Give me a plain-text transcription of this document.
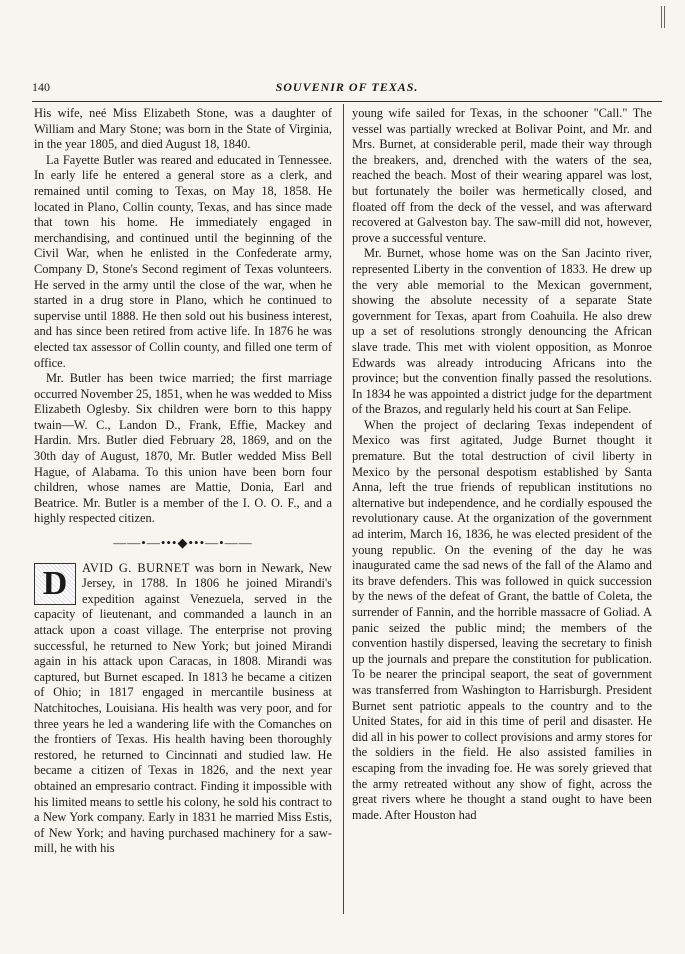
140	SOUVENIR OF TEXAS.

His wife, neé Miss Elizabeth Stone, was a daughter of William and Mary Stone; was born in the State of Virginia, in the year 1805, and died August 18, 1840.

La Fayette Butler was reared and educated in Tennessee. In early life he entered a general store as a clerk, and remained until coming to Texas, on May 18, 1858. He located in Plano, Collin county, Texas, and has since made that town his home. He immediately engaged in merchandising, and continued until the beginning of the Civil War, when he enlisted in the Confederate army, Company D, Stone's Second regiment of Texas volunteers. He served in the army until the close of the war, when he started in a drug store in Plano, which he continued to supervise until 1888. He then sold out his business interest, and has since been retired from active life. In 1876 he was elected tax assessor of Collin county, and filled one term of office.

Mr. Butler has been twice married; the first marriage occurred November 25, 1851, when he was wedded to Miss Elizabeth Oglesby. Six children were born to this happy twain—W. C., Landon D., Frank, Effie, Mackey and Hardin. Mrs. Butler died February 28, 1869, and on the 30th day of August, 1870, Mr. Butler wedded Miss Bell Hague, of Alabama. To this union have been born four children, whose names are Mattie, Donia, Earl and Beatrice. Mr. Butler is a member of the I. O. O. F., and a highly respected citizen.

——•—•••◆•••—•——

D	AVID G. BURNET was born in Newark, New Jersey, in 1788. In 1806 he joined Mirandi's expedition against Venezuela, served in the capacity of lieutenant, and commanded a launch in an attack upon a coast village. The enterprise not proving successful, he returned to New York; but joined Mirandi again in his attack upon Caracas, in 1808. Mirandi was captured, but Burnet escaped. In 1813 he became a citizen of Ohio; in 1817 engaged in mercantile business at Natchitoches, Louisiana. His health was very poor, and for three years he led a wandering life with the Comanches on the frontiers of Texas. His health having been thoroughly restored, he returned to Cincinnati and studied law. He became a citizen of Texas in 1826, and the next year obtained an empresario contract. Finding it impossible with his limited means to settle his colony, he sold his contract to a New York company. Early in 1831 he married Miss Estis, of New York; and having purchased machinery for a saw-mill, he with his

young wife sailed for Texas, in the schooner "Call." The vessel was partially wrecked at Bolivar Point, and Mr. and Mrs. Burnet, at considerable peril, made their way through the breakers, and, drenched with the waters of the sea, reached the beach. Most of their wearing apparel was lost, but fortunately the boiler was hermetically closed, and floated off from the deck of the vessel, and was afterward recovered at Galveston bay. The saw-mill did not, however, prove a successful venture.

Mr. Burnet, whose home was on the San Jacinto river, represented Liberty in the convention of 1833. He drew up the very able memorial to the Mexican government, showing the absolute necessity of a separate State government for Texas, apart from Coahuila. He also drew up a set of resolutions strongly denouncing the African slave trade. This met with violent opposition, as Monroe Edwards was already introducing Africans into the province; but the convention finally passed the resolutions. In 1834 he was appointed a district judge for the department of the Brazos, and regularly held his court at San Felipe.

When the project of declaring Texas independent of Mexico was first agitated, Judge Burnet thought it premature. But the total destruction of civil liberty in Mexico by the personal despotism established by Santa Anna, left the true friends of republican institutions no alternative but independence, and he cordially espoused the revolutionary cause. At the organization of the government ad interim, March 16, 1836, he was elected president of the young republic. On the evening of the day he was inaugurated came the sad news of the fall of the Alamo and its brave defenders. This was followed in quick succession by the news of the defeat of Grant, the battle of Coleta, the surrender of Fannin, and the horrible massacre of Goliad. A panic seized the public mind; the members of the convention hastily dispersed, leaving the secretary to finish up the journals and prepare the constitution for publication. To be nearer the principal seaport, the seat of government was transferred from Washington to Harrisburgh. President Burnet sent patriotic appeals to the country and to the United States, for aid in this time of peril and disaster. He did all in his power to collect provisions and army stores for the soldiers in the field. He also assisted families in escaping from the invading foe. He was sorely grieved that the army retreated without any show of fight, across the great rivers where he thought a stand ought to have been made. After Houston had
